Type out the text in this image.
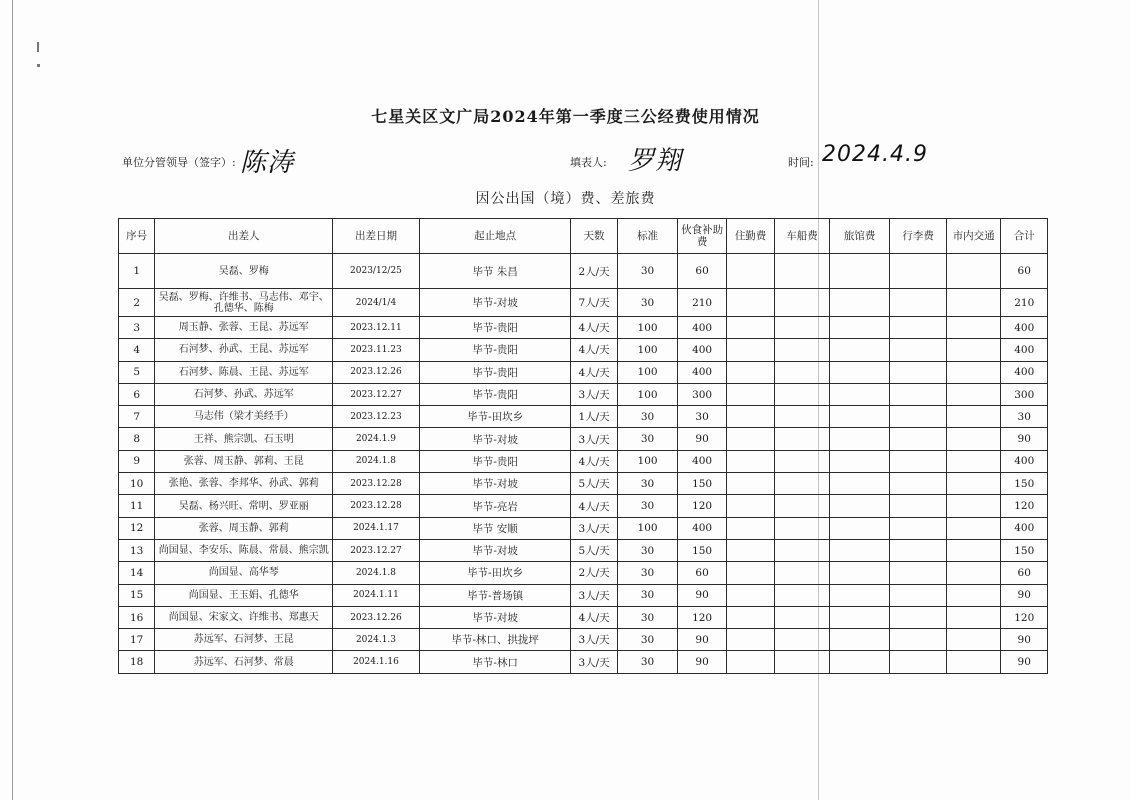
七星关区文广局2024年第一季度三公经费使用情况
单位分管领导（签字）: 陈涛	填表人: 罗翔	时间: 2024.4.9
因公出国（境）费、差旅费
序号	出差人	出差日期	起止地点	天数	标准	伙食补助费	住勤费	车船费	旅馆费	行李费	市内交通	合计
1	吴磊、罗梅	2023/12/25	毕节 朱昌	2人/天	30	60						60
2	吴磊、罗梅、许维书、马志伟、邓宇、孔德华、陈梅	2024/1/4	毕节-对坡	7人/天	30	210						210
3	周玉静、张蓉、王昆、苏远军	2023.12.11	毕节-贵阳	4人/天	100	400						400
4	石河梦、孙武、王昆、苏远军	2023.11.23	毕节-贵阳	4人/天	100	400						400
5	石河梦、陈晨、王昆、苏远军	2023.12.26	毕节-贵阳	4人/天	100	400						400
6	石河梦、孙武、苏远军	2023.12.27	毕节-贵阳	3人/天	100	300						300
7	马志伟（梁才美经手）	2023.12.23	毕节-田坎乡	1人/天	30	30						30
8	王祥、熊宗凯、石玉明	2024.1.9	毕节-对坡	3人/天	30	90						90
9	张蓉、周玉静、郭莉、王昆	2024.1.8	毕节-贵阳	4人/天	100	400						400
10	张艳、张蓉、李邦华、孙武、郭莉	2023.12.28	毕节-对坡	5人/天	30	150						150
11	吴磊、杨兴旺、常明、罗亚丽	2023.12.28	毕节-亮岩	4人/天	30	120						120
12	张蓉、周玉静、郭莉	2024.1.17	毕节 安顺	3人/天	100	400						400
13	尚国显、李安乐、陈晨、常晨、熊宗凯	2023.12.27	毕节-对坡	5人/天	30	150						150
14	尚国显、高华琴	2024.1.8	毕节-田坎乡	2人/天	30	60						60
15	尚国显、王玉娟、孔德华	2024.1.11	毕节-普场镇	3人/天	30	90						90
16	尚国显、宋家文、许维书、郑惠天	2023.12.26	毕节-对坡	4人/天	30	120						120
17	苏远军、石河梦、王昆	2024.1.3	毕节-林口、拱拢坪	3人/天	30	90						90
18	苏远军、石河梦、常晨	2024.1.16	毕节-林口	3人/天	30	90						90
